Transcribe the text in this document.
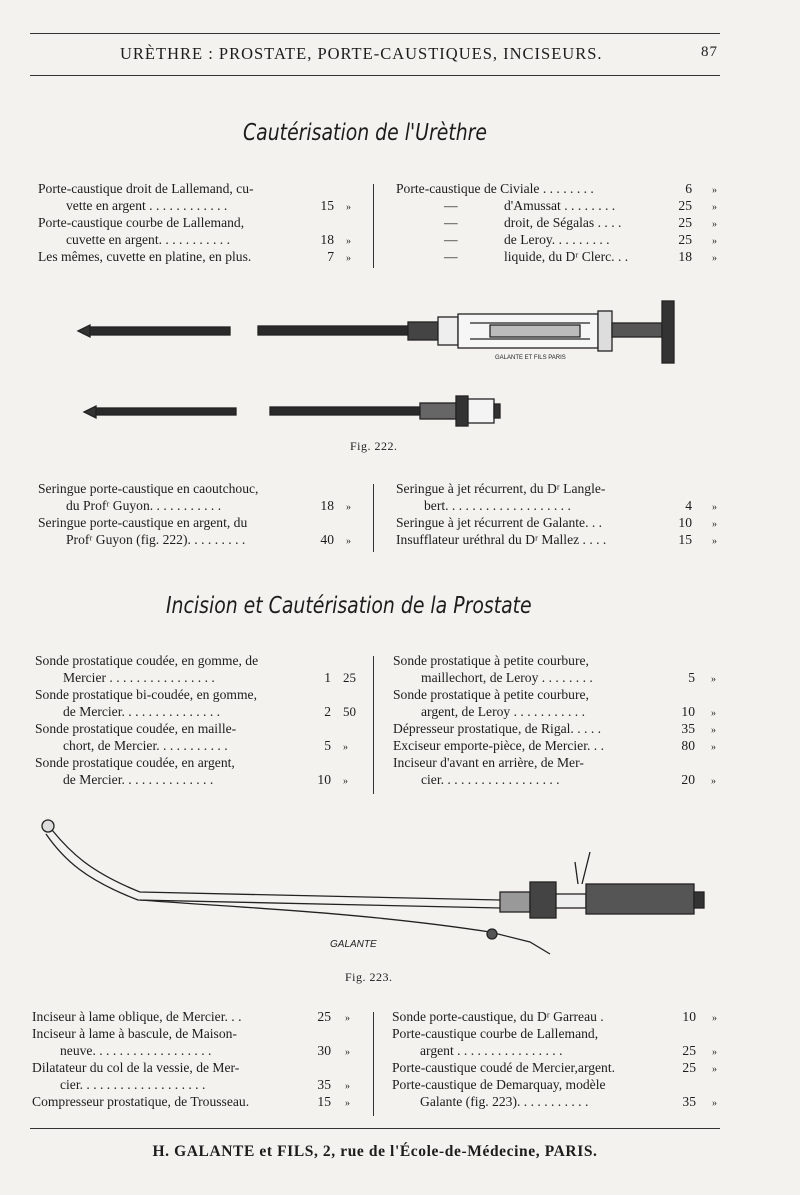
URÈTHRE : PROSTATE, PORTE-CAUSTIQUES, INCISEURS.	87
Cautérisation de l'Urèthre
Porte-caustique droit de Lallemand, cu-
vette en argent . . . . . . . . . . . .	15 »
Porte-caustique courbe de Lallemand,
cuvette en argent. . . . . . . . . . .	18 »
Les mêmes, cuvette en platine, en plus.	7 »
Porte-caustique de Civiale . . . . . . . .	6 »
—	d'Amussat . . . . . . . .	25 »
—	droit, de Ségalas . . . .	25 »
—	de Leroy. . . . . . . . .	25 »
—	liquide, du Dʳ Clerc. . .	18 »
GALANTE ET FILS PARIS
Fig. 222.
Seringue porte-caustique en caoutchouc,
du Profʳ Guyon. . . . . . . . . . .	18 »
Seringue porte-caustique en argent, du
Profʳ Guyon (fig. 222). . . . . . . . .	40 »
Seringue à jet récurrent, du Dʳ Langle-
bert. . . . . . . . . . . . . . . . . . .	4 »
Seringue à jet récurrent de Galante. . .	10 »
Insufflateur uréthral du Dʳ Mallez . . . .	15 »
Incision et Cautérisation de la Prostate
Sonde prostatique coudée, en gomme, de
Mercier . . . . . . . . . . . . . . . .	1 25
Sonde prostatique bi-coudée, en gomme,
de Mercier. . . . . . . . . . . . . . .	2 50
Sonde prostatique coudée, en maille-
chort, de Mercier. . . . . . . . . . .	5 »
Sonde prostatique coudée, en argent,
de Mercier. . . . . . . . . . . . . .	10 »
Sonde prostatique à petite courbure,
maillechort, de Leroy . . . . . . . .	5 »
Sonde prostatique à petite courbure,
argent, de Leroy . . . . . . . . . . .	10 »
Dépresseur prostatique, de Rigal. . . . .	35 »
Exciseur emporte-pièce, de Mercier. . .	80 »
Inciseur d'avant en arrière, de Mer-
cier. . . . . . . . . . . . . . . . . .	20 »
GALANTE
Fig. 223.
Inciseur à lame oblique, de Mercier. . .	25 »
Inciseur à lame à bascule, de Maison-
neuve. . . . . . . . . . . . . . . . . .	30 »
Dilatateur du col de la vessie, de Mer-
cier. . . . . . . . . . . . . . . . . . .	35 »
Compresseur prostatique, de Trousseau.	15 »
Sonde porte-caustique, du Dʳ Garreau .	10 »
Porte-caustique courbe de Lallemand,
argent . . . . . . . . . . . . . . . .	25 »
Porte-caustique coudé de Mercier,argent.	25 »
Porte-caustique de Demarquay, modèle
Galante (fig. 223). . . . . . . . . . .	35 »
H. GALANTE et FILS, 2, rue de l'École-de-Médecine, PARIS.
